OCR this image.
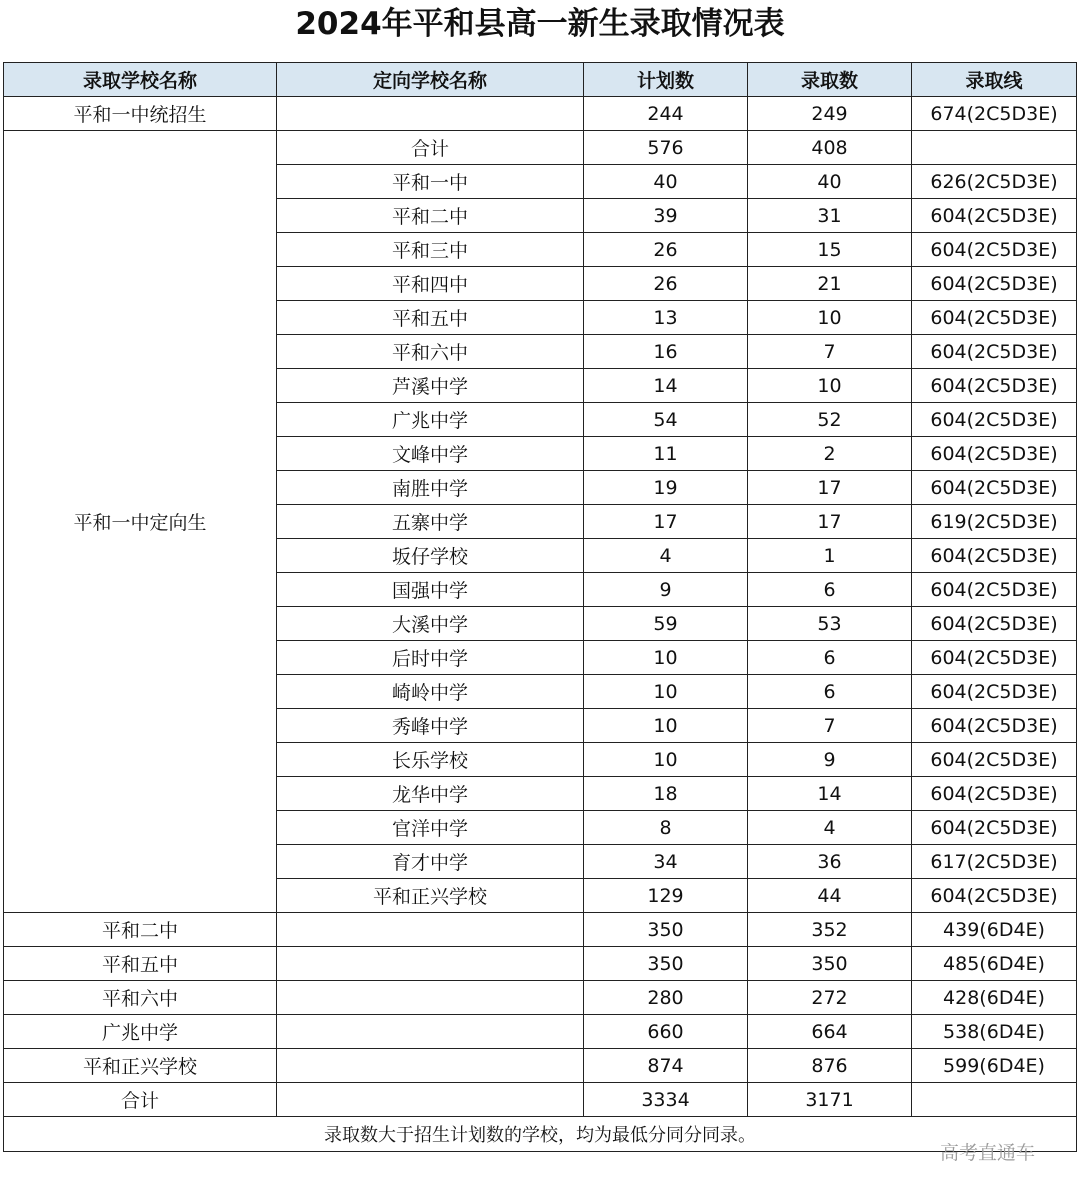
2024年平和县高一新生录取情况表
录取学校名称	定向学校名称	计划数	录取数	录取线
平和一中统招生		244	249	674(2C5D3E)
平和一中定向生	合计	576	408	
	平和一中	40	40	626(2C5D3E)
	平和二中	39	31	604(2C5D3E)
	平和三中	26	15	604(2C5D3E)
	平和四中	26	21	604(2C5D3E)
	平和五中	13	10	604(2C5D3E)
	平和六中	16	7	604(2C5D3E)
	芦溪中学	14	10	604(2C5D3E)
	广兆中学	54	52	604(2C5D3E)
	文峰中学	11	2	604(2C5D3E)
	南胜中学	19	17	604(2C5D3E)
	五寨中学	17	17	619(2C5D3E)
	坂仔学校	4	1	604(2C5D3E)
	国强中学	9	6	604(2C5D3E)
	大溪中学	59	53	604(2C5D3E)
	后时中学	10	6	604(2C5D3E)
	崎岭中学	10	6	604(2C5D3E)
	秀峰中学	10	7	604(2C5D3E)
	长乐学校	10	9	604(2C5D3E)
	龙华中学	18	14	604(2C5D3E)
	官洋中学	8	4	604(2C5D3E)
	育才中学	34	36	617(2C5D3E)
	平和正兴学校	129	44	604(2C5D3E)
平和二中		350	352	439(6D4E)
平和五中		350	350	485(6D4E)
平和六中		280	272	428(6D4E)
广兆中学		660	664	538(6D4E)
平和正兴学校		874	876	599(6D4E)
合计		3334	3171	
录取数大于招生计划数的学校，均为最低分同分同录。				
高考直通车
